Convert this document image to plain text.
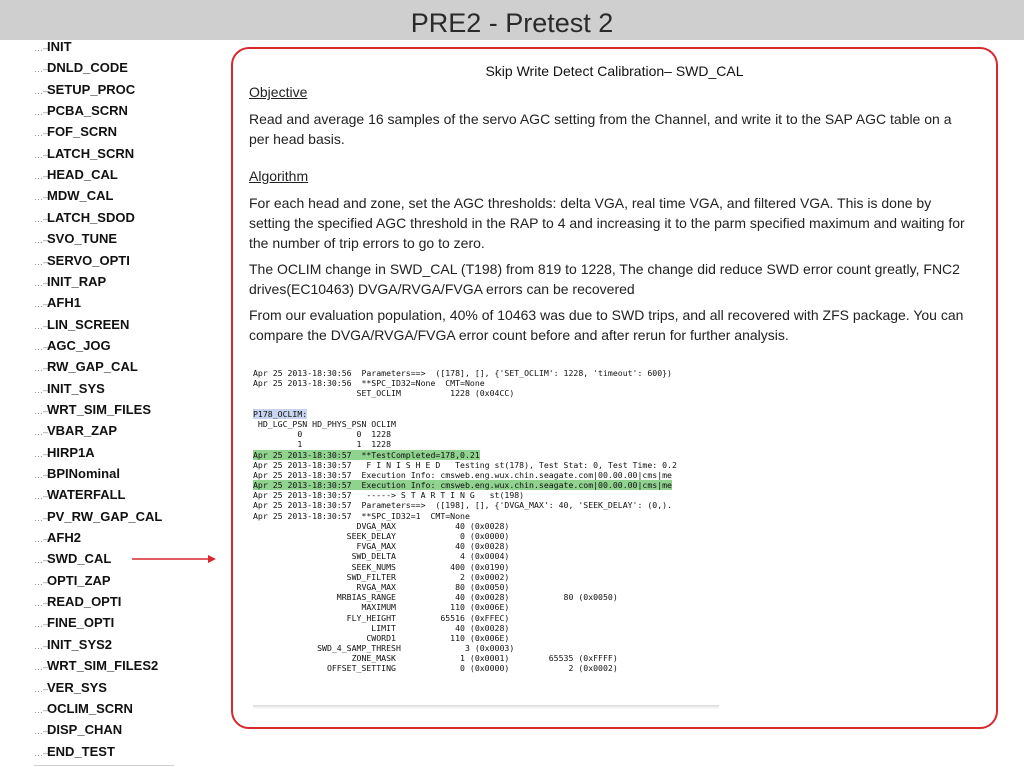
PRE2 - Pretest 2
…–INIT
…–DNLD_CODE
…–SETUP_PROC
…–PCBA_SCRN
…–FOF_SCRN
…–LATCH_SCRN
…–HEAD_CAL
…–MDW_CAL
…–LATCH_SDOD
…–SVO_TUNE
…–SERVO_OPTI
…–INIT_RAP
…–AFH1
…–LIN_SCREEN
…–AGC_JOG
…–RW_GAP_CAL
…–INIT_SYS
…–WRT_SIM_FILES
…–VBAR_ZAP
…–HIRP1A
…–BPINominal
…–WATERFALL
…–PV_RW_GAP_CAL
…–AFH2
…–SWD_CAL
…–OPTI_ZAP
…–READ_OPTI
…–FINE_OPTI
…–INIT_SYS2
…–WRT_SIM_FILES2
…–VER_SYS
…–OCLIM_SCRN
…–DISP_CHAN
…–END_TEST
Skip Write Detect Calibration– SWD_CAL
Objective
Read and average 16 samples of the servo AGC setting from the Channel, and write it to the SAP AGC table on a per head basis.
Algorithm
For each head and zone, set the AGC thresholds: delta VGA, real time VGA, and filtered VGA. This is done by setting the specified AGC threshold in the RAP to 4 and increasing it to the parm specified maximum and waiting for the number of trip errors to go to zero.
The OCLIM change in SWD_CAL (T198) from 819 to 1228, The change did reduce SWD error count greatly, FNC2 drives(EC10463) DVGA/RVGA/FVGA errors can be recovered
From our evaluation population, 40% of 10463 was due to SWD trips, and all recovered with ZFS package. You can compare the DVGA/RVGA/FVGA error count before and after rerun for further analysis.
Apr 25 2013-18:30:56  Parameters==>  ([178], [], {'SET_OCLIM': 1228, 'timeout': 600})
Apr 25 2013-18:30:56  **SPC_ID32=None  CMT=None
SET_OCLIM          1228 (0x04CC)
P178_OCLIM:
HD_LGC_PSN HD_PHYS_PSN OCLIM
0           0  1228
1           1  1228
Apr 25 2013-18:30:57  **TestCompleted=178,0.21
Apr 25 2013-18:30:57   F I N I S H E D   Testing st(178), Test Stat: 0, Test Time: 0.2
Apr 25 2013-18:30:57  Execution Info: cmsweb.eng.wux.chin.seagate.com|00.00.00|cms|me
Apr 25 2013-18:30:57  Execution Info: cmsweb.eng.wux.chin.seagate.com|00.00.00|cms|me
Apr 25 2013-18:30:57   -----> S T A R T I N G   st(198)
Apr 25 2013-18:30:57  Parameters==>  ([198], [], {'DVGA_MAX': 40, 'SEEK_DELAY': (0,).
Apr 25 2013-18:30:57  **SPC_ID32=1  CMT=None
DVGA_MAX            40 (0x0028)
SEEK_DELAY             0 (0x0000)
FVGA_MAX            40 (0x0028)
SWD_DELTA             4 (0x0004)
SEEK_NUMS           400 (0x0190)
SWD_FILTER             2 (0x0002)
RVGA_MAX            80 (0x0050)
MRBIAS_RANGE            40 (0x0028)           80 (0x0050)
MAXIMUM           110 (0x006E)
FLY_HEIGHT         65516 (0xFFEC)
LIMIT            40 (0x0028)
CWORD1           110 (0x006E)
SWD_4_SAMP_THRESH             3 (0x0003)
ZONE_MASK             1 (0x0001)        65535 (0xFFFF)
OFFSET_SETTING             0 (0x0000)            2 (0x0002)
